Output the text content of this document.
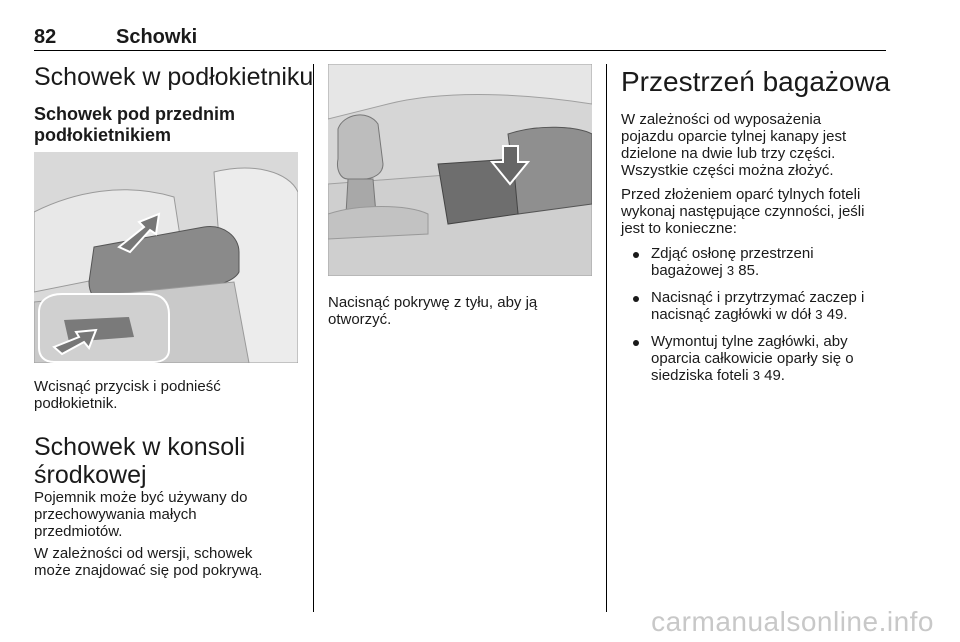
82	Schowki
Schowek w podłokietniku
Schowek pod przednim
podłokietnikiem
Wcisnąć przycisk i podnieść
podłokietnik.
Schowek w konsoli
środkowej
Pojemnik może być używany do
przechowywania małych
przedmiotów.
W zależności od wersji, schowek
może znajdować się pod pokrywą.
Nacisnąć pokrywę z tyłu, aby ją
otworzyć.
Przestrzeń bagażowa
W zależności od wyposażenia
pojazdu oparcie tylnej kanapy jest
dzielone na dwie lub trzy części.
Wszystkie części można złożyć.
Przed złożeniem oparć tylnych foteli
wykonaj następujące czynności, jeśli
jest to konieczne:
Zdjąć osłonę przestrzeni
bagażowej 3 85.
Nacisnąć i przytrzymać zaczep i
nacisnąć zagłówki w dół 3 49.
Wymontuj tylne zagłówki, aby
oparcia całkowicie oparły się o
siedziska foteli 3 49.
carmanualsonline.info
